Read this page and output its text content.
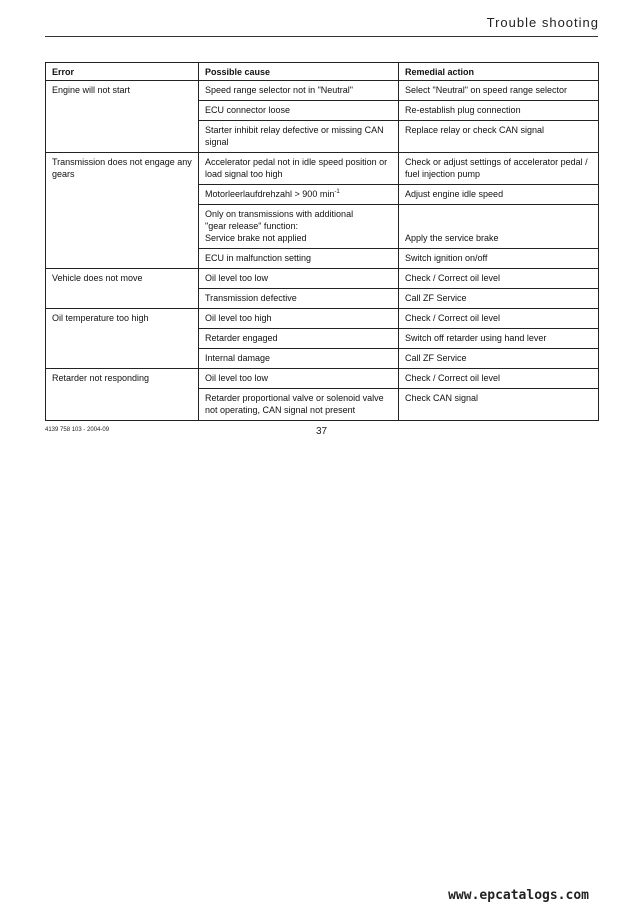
Trouble shooting
Error	Possible cause	Remedial action
Engine will not start	Speed range selector not in "Neutral"	Select "Neutral" on speed range selector
	ECU connector loose	Re-establish plug connection
	Starter inhibit relay defective or missing CAN signal	Replace relay or check CAN signal
Transmission does not engage any gears	Accelerator pedal not in idle speed position or load signal too high	Check or adjust settings of accelerator pedal / fuel injection pump
	Motorleerlaufdrehzahl > 900 $\min^{-1}$	Adjust engine idle speed

	Only on transmissions with additional
"gear release" function:
Service brake not applied	Apply the service brake
	ECU in malfunction setting	Switch ignition on/off
Vehicle does not move	Oil level too low	Check / Correct oil level
	Transmission defective	Call ZF Service
Oil temperature too high	Oil level too high	Check / Correct oil level
	Retarder engaged	Switch off retarder using hand lever
	Internal damage	Call ZF Service
Retarder not responding	Oil level too low	Check / Correct oil level
	Retarder proportional valve or solenoid valve not operating, CAN signal not present	Check CAN signal
4139 758 103 - 2004-09	37
www.epcatalogs.com
